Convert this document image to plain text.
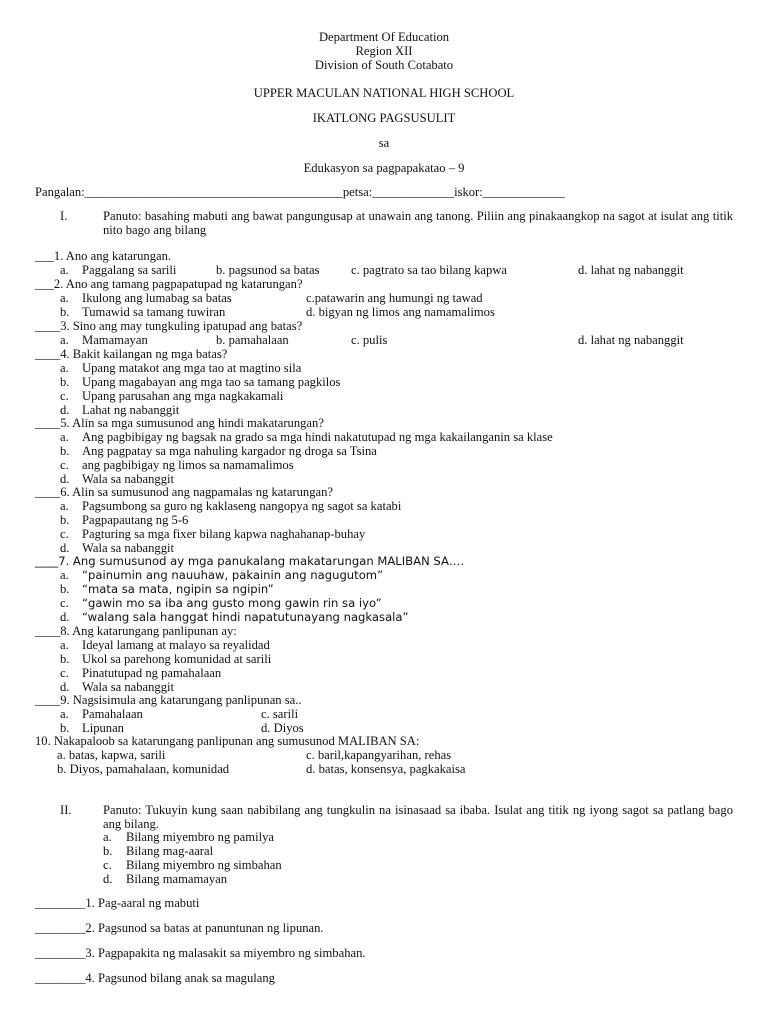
Department Of Education
Region XII
Division of South Cotabato
UPPER MACULAN NATIONAL HIGH SCHOOL
IKATLONG PAGSUSULIT
sa
Edukasyon sa pagpapakatao – 9
Pangalan:_________________________________________petsa:_____________iskor:_____________
I.	Panuto: basahing mabuti ang bawat pangungusap at unawain ang tanong. Piliin ang pinakaangkop na sagot at isulat ang titik nito bago ang bilang
___1. Ano ang katarungan.
a. Paggalang sa sarili	b. pagsunod sa batas c. pagtrato sa tao bilang kapwa	d. lahat ng nabanggit
___2. Ano ang tamang pagpapatupad ng katarungan?
a. Ikulong ang lumabag sa batas	c.patawarin ang humungi ng tawad
b. Tumawid sa tamang tuwiran	d. bigyan ng limos ang namamalimos
____3. Sino ang may tungkuling ipatupad ang batas?
a. Mamamayan	b. pamahalaan	c. pulis	d. lahat ng nabanggit
____4. Bakit kailangan ng mga batas?
a. Upang matakot ang mga tao at magtino sila
b. Upang magabayan ang mga tao sa tamang pagkilos
c. Upang parusahan ang mga nagkakamali
d. Lahat ng nabanggit
____5. Alin sa mga sumusunod ang hindi makatarungan?
a. Ang pagbibigay ng bagsak na grado sa mga hindi nakatutupad ng mga kakailanganin sa klase
b. Ang pagpatay sa mga nahuling kargador ng droga sa Tsina
c. ang pagbibigay ng limos sa namamalimos
d. Wala sa nabanggit
____6. Alin sa sumusunod ang nagpamalas ng katarungan?
a. Pagsumbong sa guro ng kaklaseng nangopya ng sagot sa katabi
b. Pagpapautang ng 5-6
c. Pagturing sa mga fixer bilang kapwa naghahanap-buhay
d. Wala sa nabanggit
____7. Ang sumusunod ay mga panukalang makatarungan MALIBAN SA….
a. “painumin ang nauuhaw, pakainin ang nagugutom”
b. “mata sa mata, ngipin sa ngipin”
c. “gawin mo sa iba ang gusto mong gawin rin sa iyo”
d. “walang sala hanggat hindi napatutunayang nagkasala”
____8. Ang katarungang panlipunan ay:
a. Ideyal lamang at malayo sa reyalidad
b. Ukol sa parehong komunidad at sarili
c. Pinatutupad ng pamahalaan
d. Wala sa nabanggit
____9. Nagsisimula ang katarungang panlipunan sa..
a. Pamahalaan	c. sarili
b. Lipunan	d. Diyos
10. Nakapaloob sa katarungang panlipunan ang sumusunod MALIBAN SA:
a. batas, kapwa, sarili	c. baril,kapangyarihan, rehas
b. Diyos, pamahalaan, komunidad	d. batas, konsensya, pagkakaisa
II. Panuto: Tukuyin kung saan nabibilang ang tungkulin na isinasaad sa ibaba. Isulat ang titik ng iyong sagot sa patlang bago ang bilang.
a. Bilang miyembro ng pamilya
b. Bilang mag-aaral
c. Bilang miyembro ng simbahan
d. Bilang mamamayan
________1. Pag-aaral ng mabuti
________2. Pagsunod sa batas at panuntunan ng lipunan.
________3. Pagpapakita ng malasakit sa miyembro ng simbahan.
________4. Pagsunod bilang anak sa magulang
